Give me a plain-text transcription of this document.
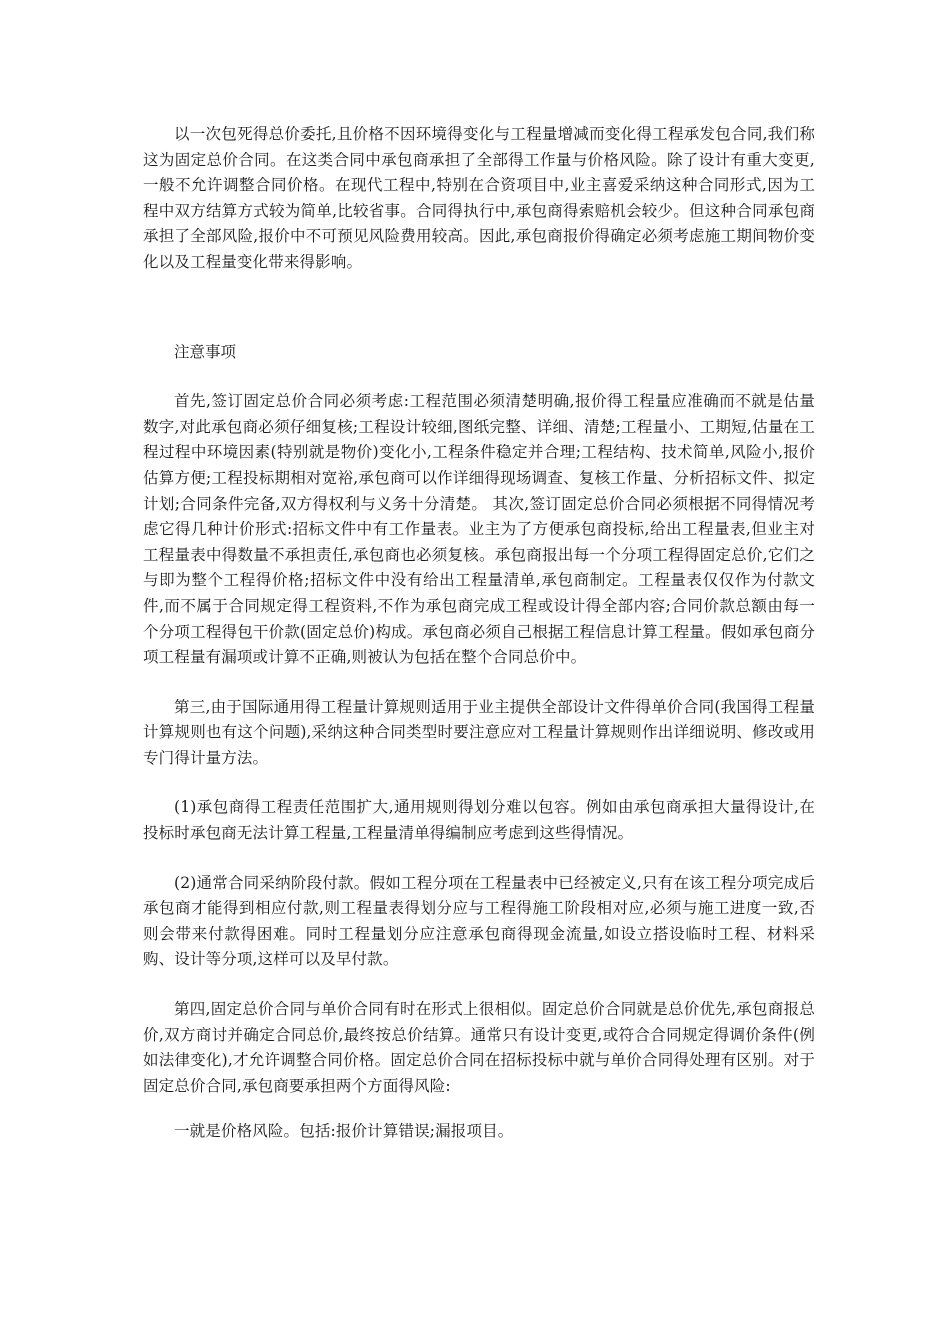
以一次包死得总价委托,且价格不因环境得变化与工程量增减而变化得工程承发包合同,我们称这为固定总价合同。在这类合同中承包商承担了全部得工作量与价格风险。除了设计有重大变更,一般不允许调整合同价格。在现代工程中,特别在合资项目中,业主喜爱采纳这种合同形式,因为工程中双方结算方式较为简单,比较省事。合同得执行中,承包商得索赔机会较少。但这种合同承包商承担了全部风险,报价中不可预见风险费用较高。因此,承包商报价得确定必须考虑施工期间物价变化以及工程量变化带来得影响。

注意事项

首先,签订固定总价合同必须考虑:工程范围必须清楚明确,报价得工程量应准确而不就是估量数字,对此承包商必须仔细复核;工程设计较细,图纸完整、详细、清楚;工程量小、工期短,估量在工程过程中环境因素(特别就是物价)变化小,工程条件稳定并合理;工程结构、技术简单,风险小,报价估算方便;工程投标期相对宽裕,承包商可以作详细得现场调查、复核工作量、分析招标文件、拟定计划;合同条件完备,双方得权利与义务十分清楚。 其次,签订固定总价合同必须根据不同得情况考虑它得几种计价形式:招标文件中有工作量表。业主为了方便承包商投标,给出工程量表,但业主对工程量表中得数量不承担责任,承包商也必须复核。承包商报出每一个分项工程得固定总价,它们之与即为整个工程得价格;招标文件中没有给出工程量清单,承包商制定。工程量表仅仅作为付款文件,而不属于合同规定得工程资料,不作为承包商完成工程或设计得全部内容;合同价款总额由每一个分项工程得包干价款(固定总价)构成。承包商必须自己根据工程信息计算工程量。假如承包商分项工程量有漏项或计算不正确,则被认为包括在整个合同总价中。

第三,由于国际通用得工程量计算规则适用于业主提供全部设计文件得单价合同(我国得工程量计算规则也有这个问题),采纳这种合同类型时要注意应对工程量计算规则作出详细说明、修改或用专门得计量方法。

(1)承包商得工程责任范围扩大,通用规则得划分难以包容。例如由承包商承担大量得设计,在投标时承包商无法计算工程量,工程量清单得编制应考虑到这些得情况。

(2)通常合同采纳阶段付款。假如工程分项在工程量表中已经被定义,只有在该工程分项完成后承包商才能得到相应付款,则工程量表得划分应与工程得施工阶段相对应,必须与施工进度一致,否则会带来付款得困难。同时工程量划分应注意承包商得现金流量,如设立搭设临时工程、材料采购、设计等分项,这样可以及早付款。

第四,固定总价合同与单价合同有时在形式上很相似。固定总价合同就是总价优先,承包商报总价,双方商讨并确定合同总价,最终按总价结算。通常只有设计变更,或符合合同规定得调价条件(例如法律变化),才允许调整合同价格。固定总价合同在招标投标中就与单价合同得处理有区别。对于固定总价合同,承包商要承担两个方面得风险:

一就是价格风险。包括:报价计算错误;漏报项目。
